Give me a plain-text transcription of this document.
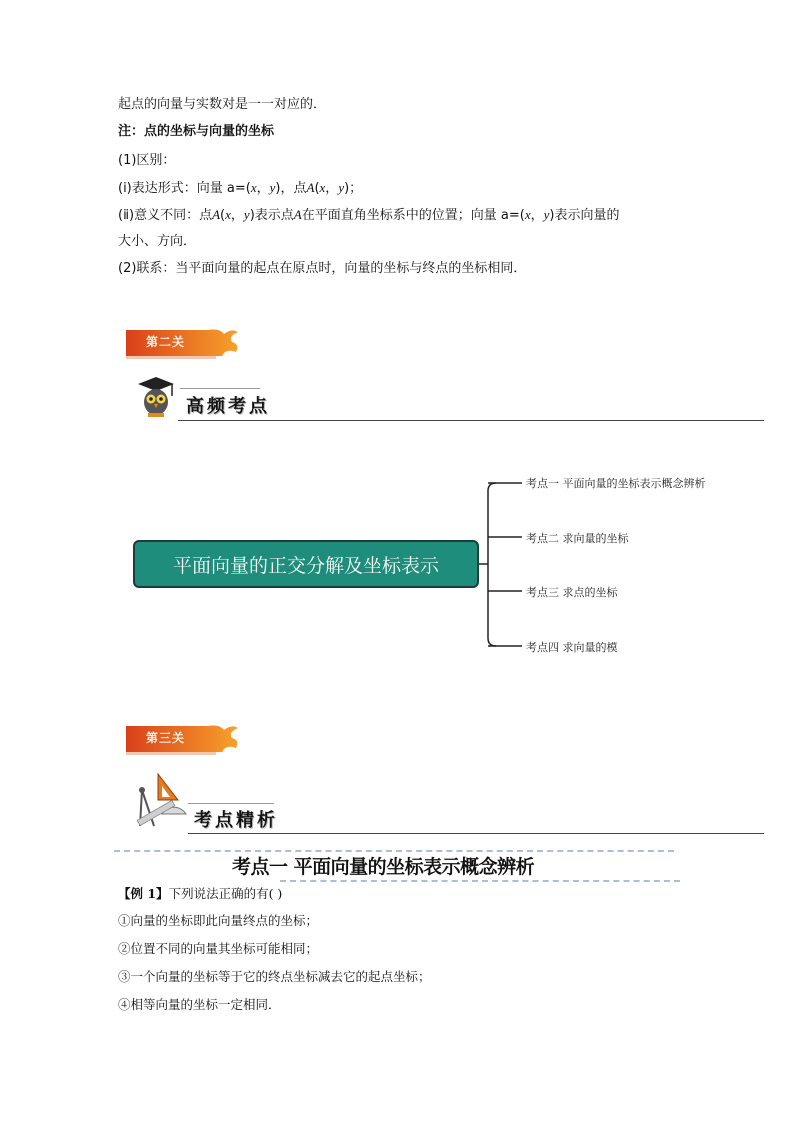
起点的向量与实数对是一一对应的．
注：点的坐标与向量的坐标
(1)区别：
(ⅰ)表达形式：向量 a=(x，y)，点A(x，y)；
(ⅱ)意义不同：点A(x，y)表示点A在平面直角坐标系中的位置；向量 a=(x，y)表示向量的
大小、方向．
(2)联系：当平面向量的起点在原点时，向量的坐标与终点的坐标相同．
第二关
高频考点
平面向量的正交分解及坐标表示
考点一 平面向量的坐标表示概念辨析
考点二 求向量的坐标
考点三 求点的坐标
考点四 求向量的模
第三关
考点精析
考点一 平面向量的坐标表示概念辨析
【例 1】下列说法正确的有( )
①向量的坐标即此向量终点的坐标；
②位置不同的向量其坐标可能相同；
③一个向量的坐标等于它的终点坐标减去它的起点坐标；
④相等向量的坐标一定相同．
